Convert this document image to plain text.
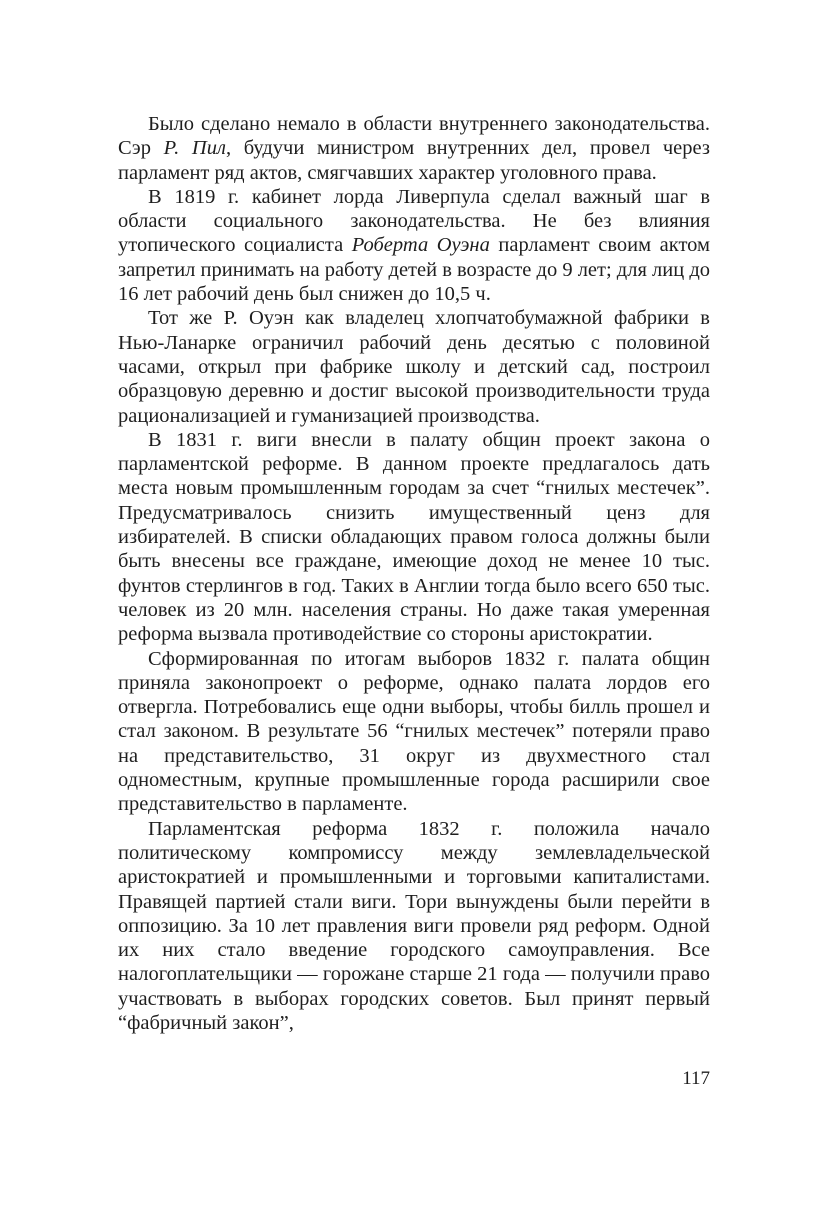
Было сделано немало в области внутреннего законодательства. Сэр Р. Пил, будучи министром внутренних дел, провел через парламент ряд актов, смягчавших характер уголовного права.

В 1819 г. кабинет лорда Ливерпула сделал важный шаг в области социального законодательства. Не без влияния утопического социалиста Роберта Оуэна парламент своим актом запретил принимать на работу детей в возрасте до 9 лет; для лиц до 16 лет рабочий день был снижен до 10,5 ч.

Тот же Р. Оуэн как владелец хлопчатобумажной фабрики в Нью-Ланарке ограничил рабочий день десятью с половиной часами, открыл при фабрике школу и детский сад, построил образцовую деревню и достиг высокой производительности труда рационализацией и гуманизацией производства.

В 1831 г. виги внесли в палату общин проект закона о парламентской реформе. В данном проекте предлагалось дать места новым промышленным городам за счет “гнилых местечек”. Предусматривалось снизить имущественный ценз для избирателей. В списки обладающих правом голоса должны были быть внесены все граждане, имеющие доход не менее 10 тыс. фунтов стерлингов в год. Таких в Англии тогда было всего 650 тыс. человек из 20 млн. населения страны. Но даже такая умеренная реформа вызвала противодействие со стороны аристократии.

Сформированная по итогам выборов 1832 г. палата общин приняла законопроект о реформе, однако палата лордов его отвергла. Потребовались еще одни выборы, чтобы билль прошел и стал законом. В результате 56 “гнилых местечек” потеряли право на представительство, 31 округ из двухместного стал одноместным, крупные промышленные города расширили свое представительство в парламенте.

Парламентская реформа 1832 г. положила начало политическому компромиссу между землевладельческой аристократией и промышленными и торговыми капиталистами. Правящей партией стали виги. Тори вынуждены были перейти в оппозицию. За 10 лет правления виги провели ряд реформ. Одной их них стало введение городского самоуправления. Все налогоплательщики — горожане старше 21 года — получили право участвовать в выборах городских советов. Был принят первый “фабричный закон”,

117
